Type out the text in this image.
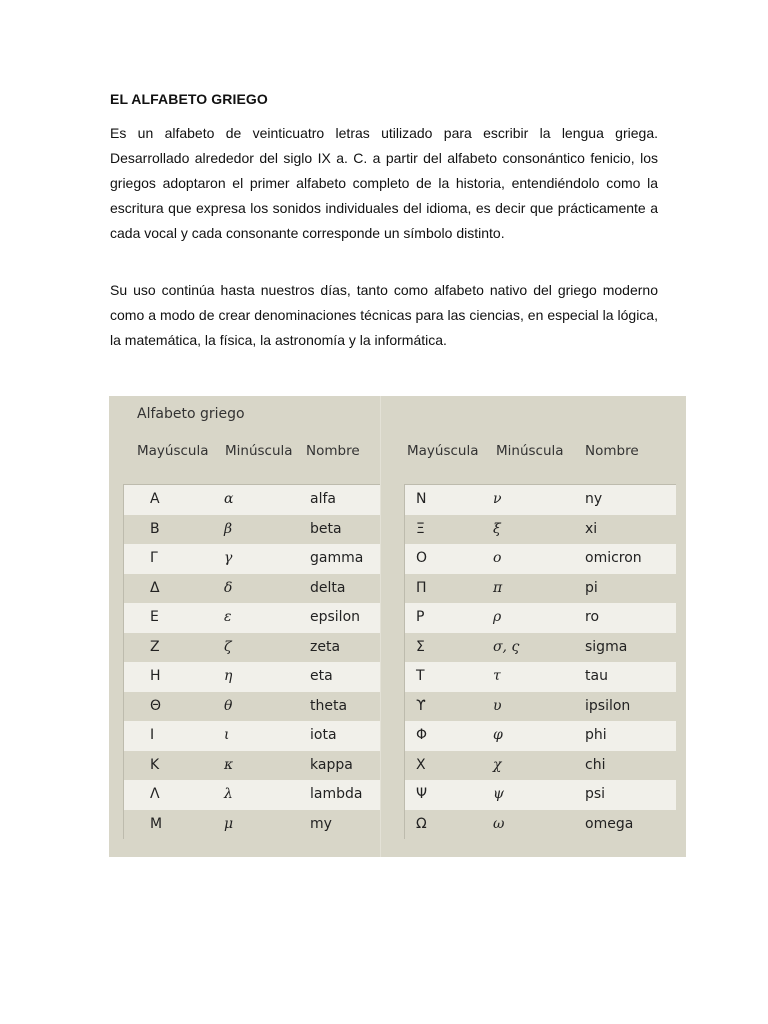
EL ALFABETO GRIEGO

Es un alfabeto de veinticuatro letras utilizado para escribir la lengua griega. Desarrollado alrededor del siglo IX a. C. a partir del alfabeto consonántico fenicio, los griegos adoptaron el primer alfabeto completo de la historia, entendiéndolo como la escritura que expresa los sonidos individuales del idioma, es decir que prácticamente a cada vocal y cada consonante corresponde un símbolo distinto.

Su uso continúa hasta nuestros días, tanto como alfabeto nativo del griego moderno como a modo de crear denominaciones técnicas para las ciencias, en especial la lógica, la matemática, la física, la astronomía y la informática.

Alfabeto griego
Mayúscula Minúscula Nombre	Mayúscula Minúscula Nombre
Α	α	alfa
Β	β	beta
Γ	γ	gamma
Δ	δ	delta
Ε	ε	epsilon
Ζ	ζ	zeta
Η	η	eta
Θ	θ	theta
Ι	ι	iota
Κ	κ	kappa
Λ	λ	lambda
Μ	μ	my
Ν	ν	ny
Ξ	ξ	xi
Ο	ο	omicron
Π	π	pi
Ρ	ρ	ro
Σ	σ, ς	sigma
Τ	τ	tau
ϒ	υ	ipsilon
Φ	φ	phi
Χ	χ	chi
Ψ	ψ	psi
Ω	ω	omega
